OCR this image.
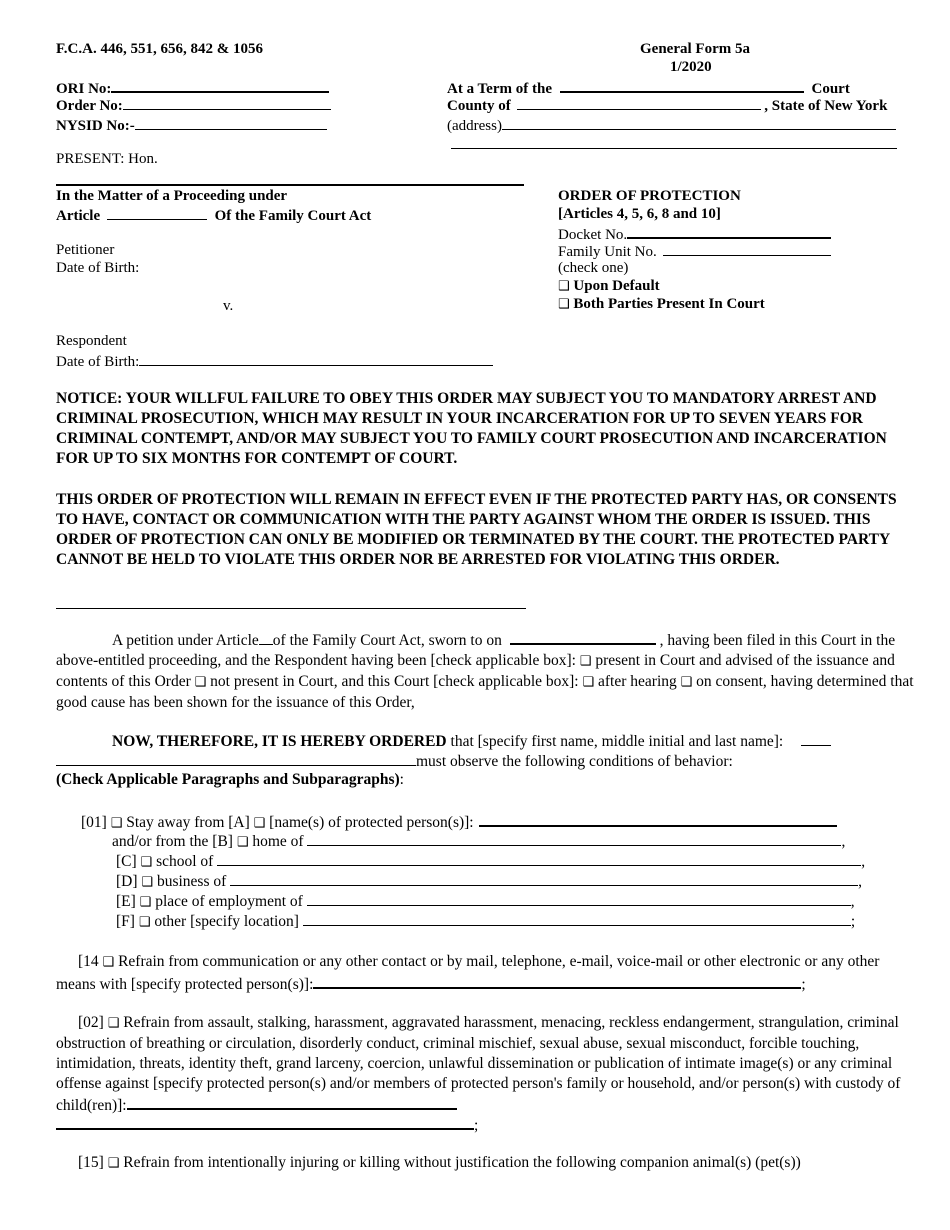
F.C.A. 446, 551, 656, 842 & 1056	General Form 5a
1/2020
ORI No:
Order No:
NYSID No:-
At a Term of the	Court
County of	, State of New York
(address)
PRESENT: Hon.
In the Matter of a Proceeding under
Article	Of the Family Court Act
Petitioner
Date of Birth:
v.
Respondent
Date of Birth:
ORDER OF PROTECTION
[Articles 4, 5, 6, 8 and 10]
Docket No.
Family Unit No.
(check one)
❑ Upon Default
❑ Both Parties Present In Court
NOTICE: YOUR WILLFUL FAILURE TO OBEY THIS ORDER MAY SUBJECT YOU TO MANDATORY ARREST AND CRIMINAL PROSECUTION, WHICH MAY RESULT IN YOUR INCARCERATION FOR UP TO SEVEN YEARS FOR CRIMINAL CONTEMPT, AND/OR MAY SUBJECT YOU TO FAMILY COURT PROSECUTION AND INCARCERATION FOR UP TO SIX MONTHS FOR CONTEMPT OF COURT.
THIS ORDER OF PROTECTION WILL REMAIN IN EFFECT EVEN IF THE PROTECTED PARTY HAS, OR CONSENTS TO HAVE, CONTACT OR COMMUNICATION WITH THE PARTY AGAINST WHOM THE ORDER IS ISSUED. THIS ORDER OF PROTECTION CAN ONLY BE MODIFIED OR TERMINATED BY THE COURT. THE PROTECTED PARTY CANNOT BE HELD TO VIOLATE THIS ORDER NOR BE ARRESTED FOR VIOLATING THIS ORDER.
A petition under Article of the Family Court Act, sworn to on	, having been filed in this Court in the above-entitled proceeding, and the Respondent having been [check applicable box]: ❑ present in Court and advised of the issuance and contents of this Order ❑ not present in Court, and this Court [check applicable box]: ❑ after hearing ❑ on consent, having determined that good cause has been shown for the issuance of this Order,
NOW, THEREFORE, IT IS HEREBY ORDERED that [specify first name, middle initial and last name]:
must observe the following conditions of behavior:
(Check Applicable Paragraphs and Subparagraphs):
[01] ❑ Stay away from [A] ❑ [name(s) of protected person(s)]:
and/or from the [B] ❑ home of	,
[C] ❑ school of	,
[D] ❑ business of	,
[E] ❑ place of employment of	,
[F] ❑ other [specify location]	;
[14 ❑ Refrain from communication or any other contact or by mail, telephone, e-mail, voice-mail or other electronic or any other means with [specify protected person(s)]:	;
[02] ❑ Refrain from assault, stalking, harassment, aggravated harassment, menacing, reckless endangerment, strangulation, criminal obstruction of breathing or circulation, disorderly conduct, criminal mischief, sexual abuse, sexual misconduct, forcible touching, intimidation, threats, identity theft, grand larceny, coercion, unlawful dissemination or publication of intimate image(s) or any criminal offense against [specify protected person(s) and/or members of protected person's family or household, and/or person(s) with custody of child(ren)]:
;
[15] ❑ Refrain from intentionally injuring or killing without justification the following companion animal(s) (pet(s))
